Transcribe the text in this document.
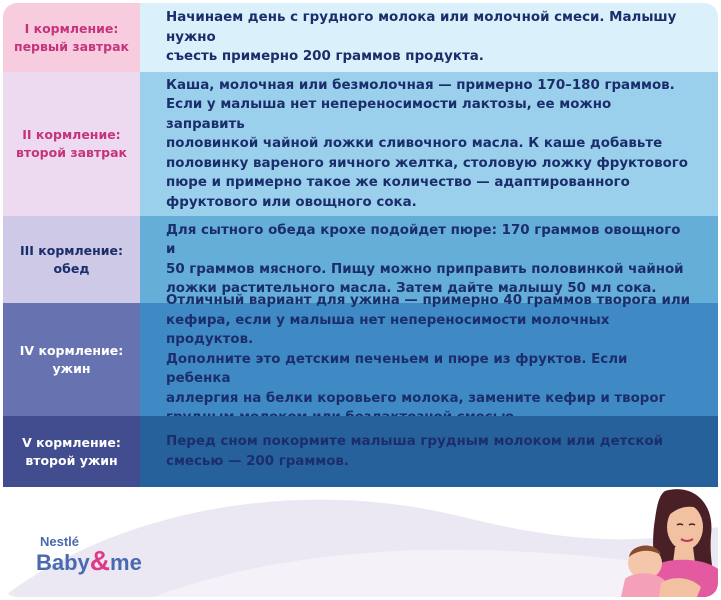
I кормление:
первый завтрак
Начинаем день с грудного молока или молочной смеси. Малышу нужно
съесть примерно 200 граммов продукта.
II кормление:
второй завтрак
Каша, молочная или безмолочная — примерно 170–180 граммов.
Если у малыша нет непереносимости лактозы, ее можно заправить
половинкой чайной ложки сливочного масла. К каше добавьте
половинку вареного яичного желтка, столовую ложку фруктового
пюре и примерно такое же количество — адаптированного
фруктового или овощного сока.
III кормление:
обед
Для сытного обеда крохе подойдет пюре: 170 граммов овощного и
50 граммов мясного. Пищу можно приправить половинкой чайной
ложки растительного масла. Затем дайте малышу 50 мл сока.
IV кормление:
ужин
Отличный вариант для ужина — примерно 40 граммов творога или
кефира, если у малыша нет непереносимости молочных продуктов.
Дополните это детским печеньем и пюре из фруктов. Если ребенка
аллергия на белки коровьего молока, замените кефир и творог
V кормление:
второй ужин
Перед сном покормите малыша грудным молоком или детской
смесью — 200 граммов.
Nestlé
Baby&me
